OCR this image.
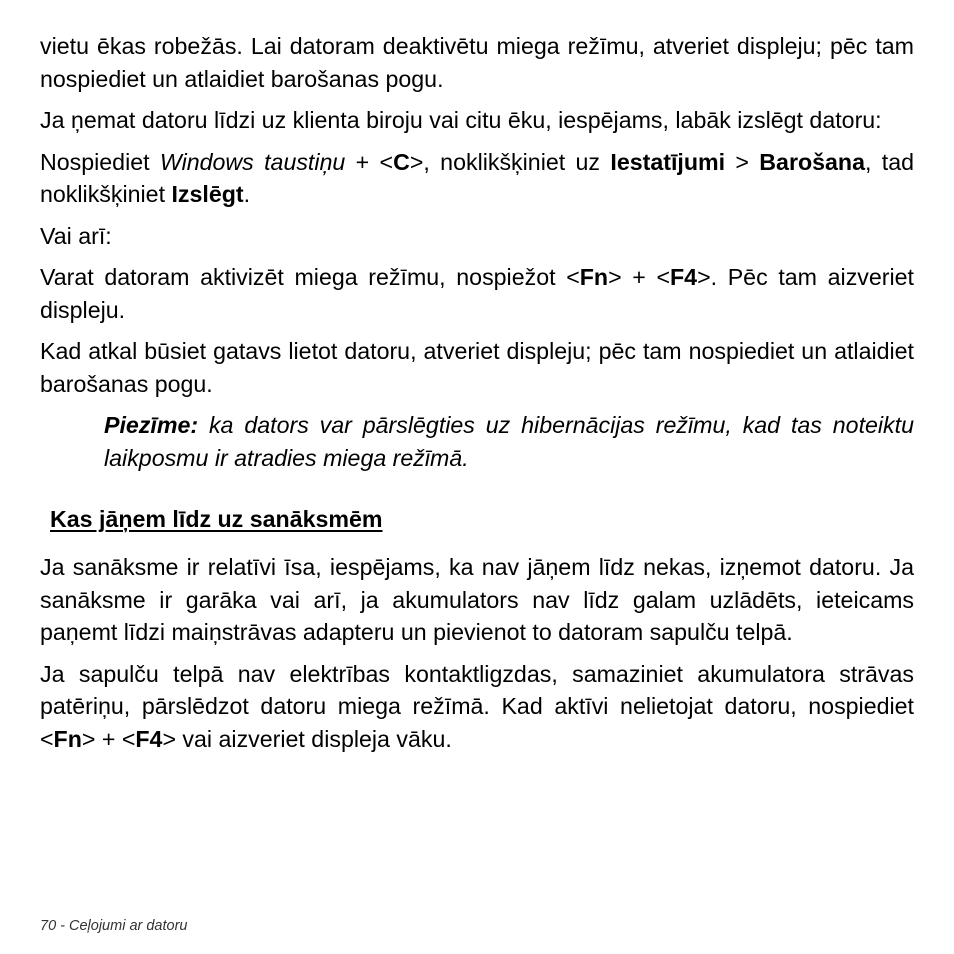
vietu ēkas robežās. Lai datoram deaktivētu miega režīmu, atveriet displeju; pēc tam nospiediet un atlaidiet barošanas pogu.

Ja ņemat datoru līdzi uz klienta biroju vai citu ēku, iespējams, labāk izslēgt datoru:

Nospiediet Windows taustiņu + <C>, noklikšķiniet uz Iestatījumi > Barošana, tad noklikšķiniet Izslēgt.

Vai arī:

Varat datoram aktivizēt miega režīmu, nospiežot <Fn> + <F4>. Pēc tam aizveriet displeju.

Kad atkal būsiet gatavs lietot datoru, atveriet displeju; pēc tam nospiediet un atlaidiet barošanas pogu.

Piezīme: ka dators var pārslēgties uz hibernācijas režīmu, kad tas noteiktu laikposmu ir atradies miega režīmā.

Kas jāņem līdz uz sanāksmēm

Ja sanāksme ir relatīvi īsa, iespējams, ka nav jāņem līdz nekas, izņemot datoru. Ja sanāksme ir garāka vai arī, ja akumulators nav līdz galam uzlādēts, ieteicams paņemt līdzi maiņstrāvas adapteru un pievienot to datoram sapulču telpā.

Ja sapulču telpā nav elektrības kontaktligzdas, samaziniet akumulatora strāvas patēriņu, pārslēdzot datoru miega režīmā. Kad aktīvi nelietojat datoru, nospiediet <Fn> + <F4> vai aizveriet displeja vāku.

70 - Ceļojumi ar datoru
